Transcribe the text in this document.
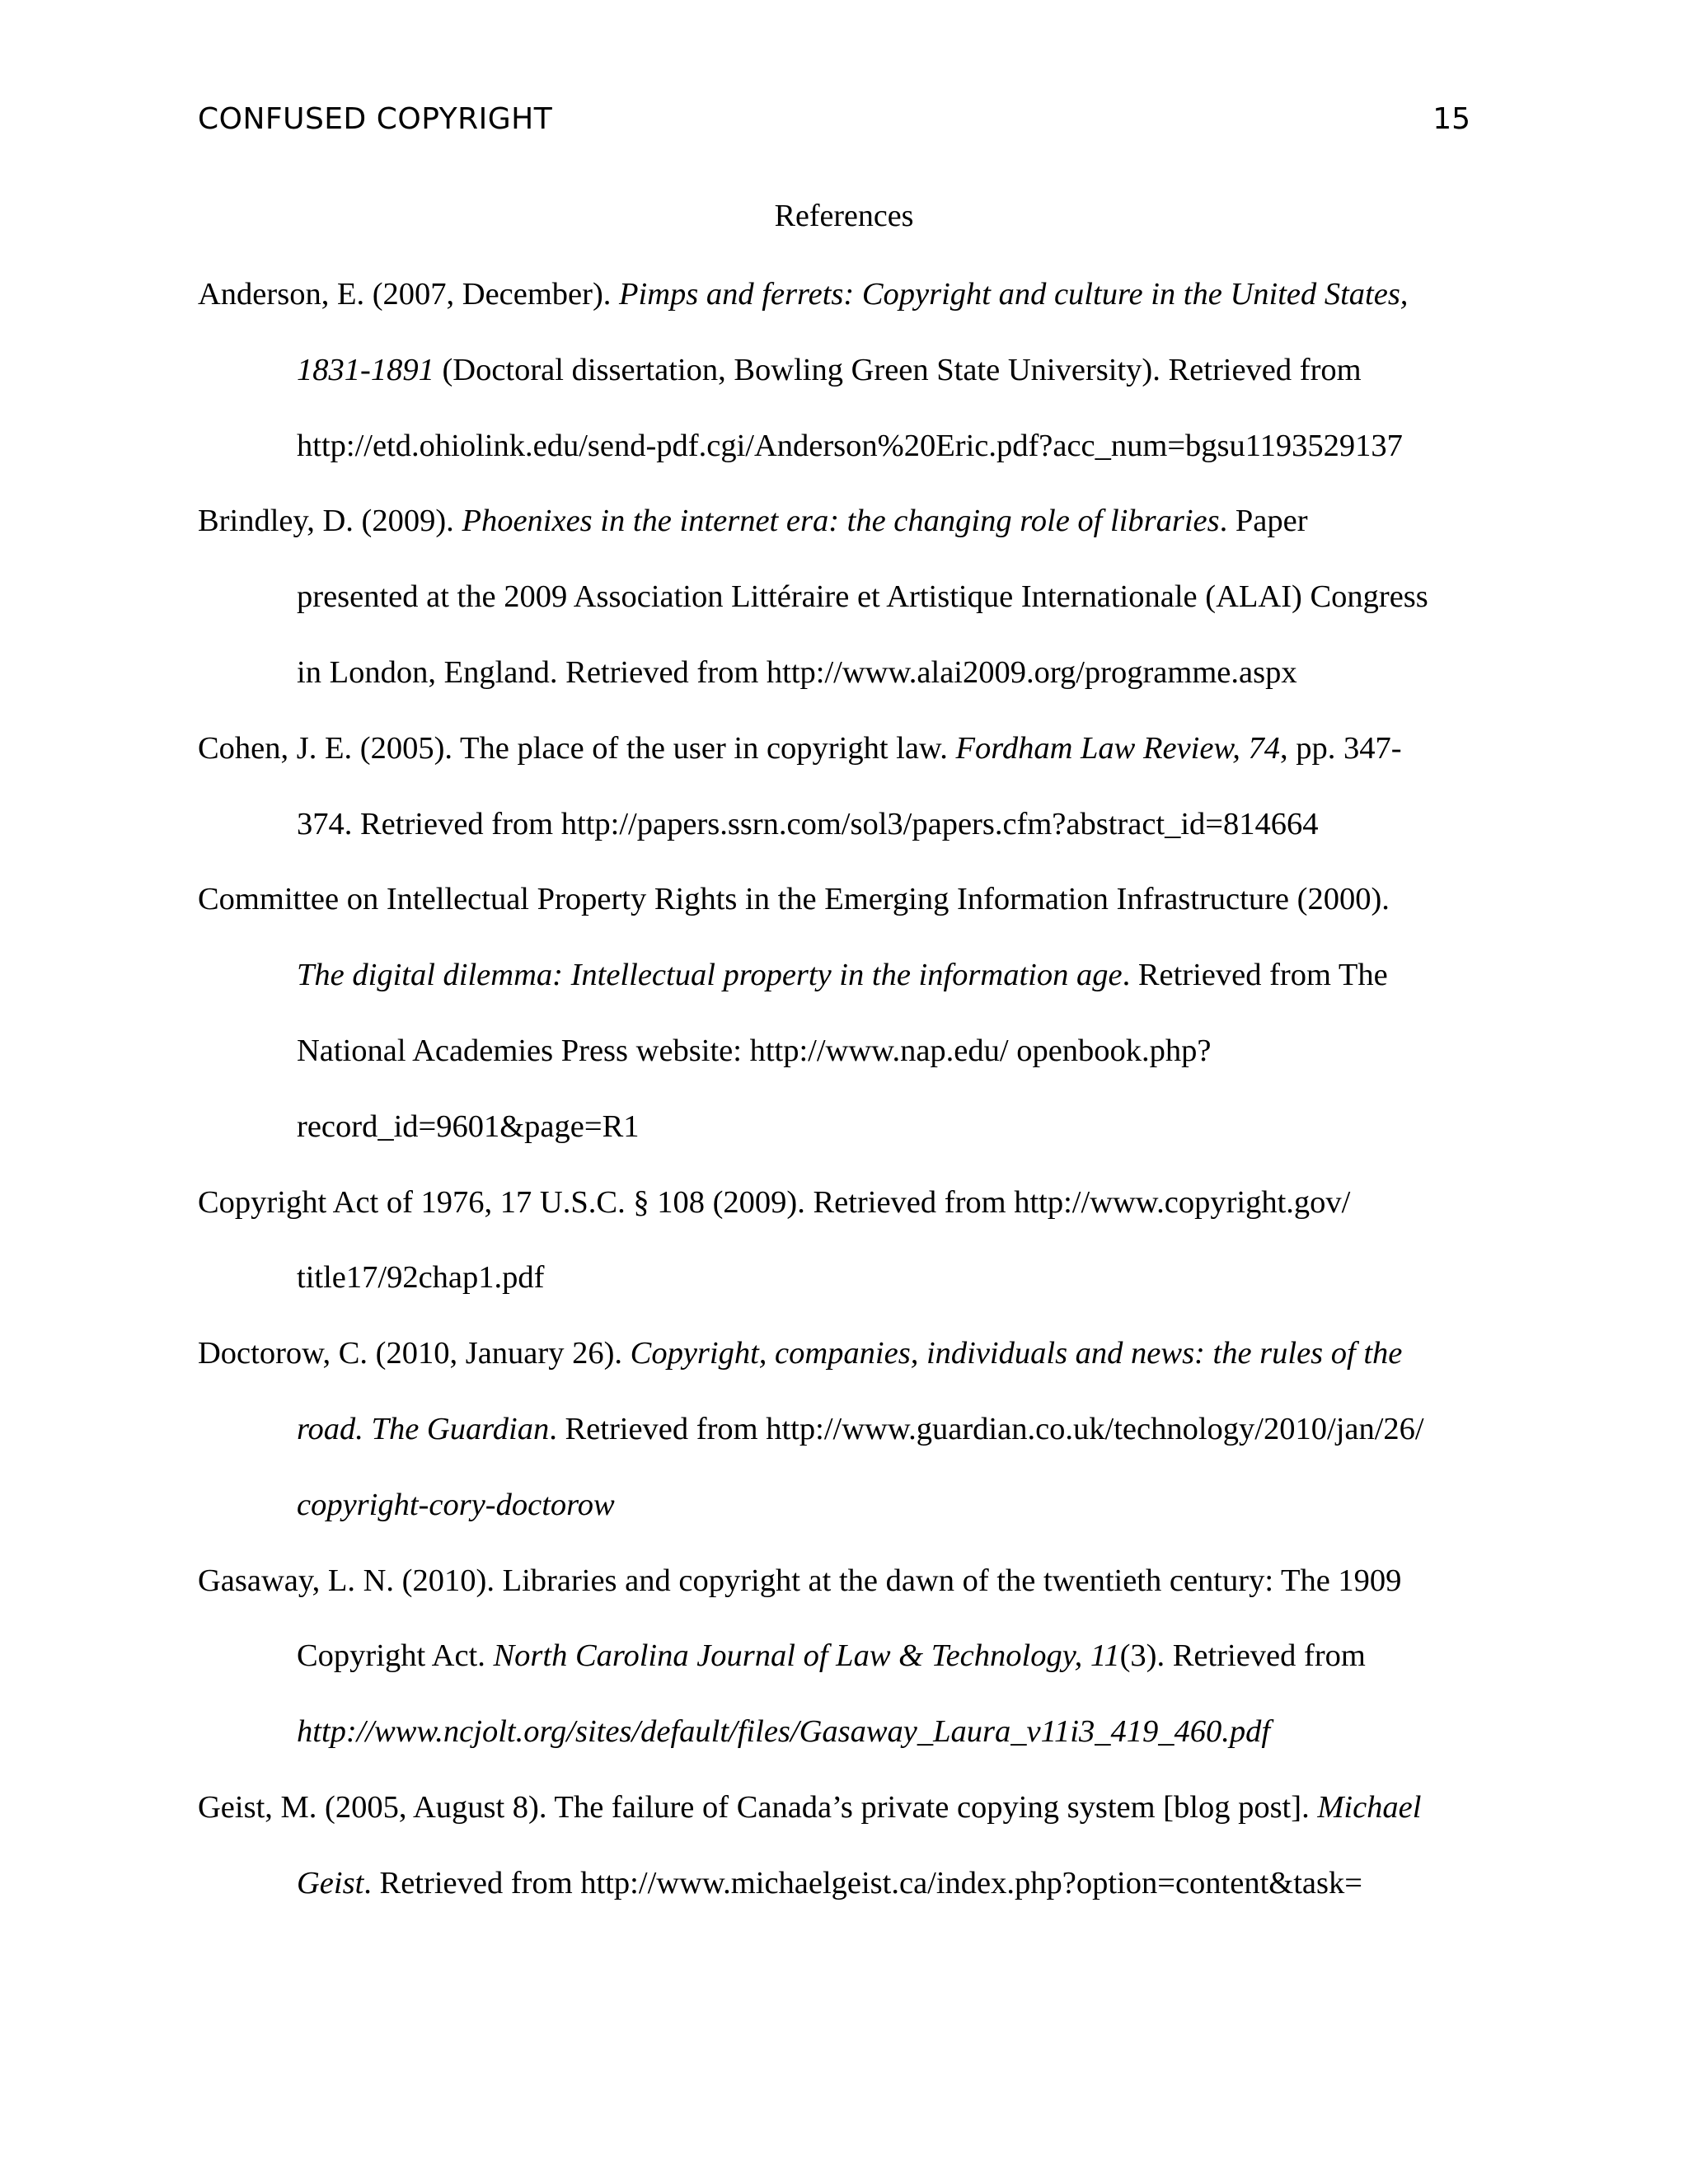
CONFUSED COPYRIGHT	15
References
Anderson, E. (2007, December). Pimps and ferrets: Copyright and culture in the United States,
1831-1891 (Doctoral dissertation, Bowling Green State University). Retrieved from
http://etd.ohiolink.edu/send-pdf.cgi/Anderson%20Eric.pdf?acc_num=bgsu1193529137
Brindley, D. (2009). Phoenixes in the internet era: the changing role of libraries. Paper
presented at the 2009 Association Littéraire et Artistique Internationale (ALAI) Congress
in London, England. Retrieved from http://www.alai2009.org/programme.aspx
Cohen, J. E. (2005). The place of the user in copyright law. Fordham Law Review, 74, pp. 347-
374. Retrieved from http://papers.ssrn.com/sol3/papers.cfm?abstract_id=814664
Committee on Intellectual Property Rights in the Emerging Information Infrastructure (2000).
The digital dilemma: Intellectual property in the information age. Retrieved from The
National Academies Press website: http://www.nap.edu/ openbook.php?
record_id=9601&page=R1
Copyright Act of 1976, 17 U.S.C. § 108 (2009). Retrieved from http://www.copyright.gov/
title17/92chap1.pdf
Doctorow, C. (2010, January 26). Copyright, companies, individuals and news: the rules of the
road. The Guardian. Retrieved from http://www.guardian.co.uk/technology/2010/jan/26/
copyright-cory-doctorow
Gasaway, L. N. (2010). Libraries and copyright at the dawn of the twentieth century: The 1909
Copyright Act. North Carolina Journal of Law & Technology, 11(3). Retrieved from
http://www.ncjolt.org/sites/default/files/Gasaway_Laura_v11i3_419_460.pdf
Geist, M. (2005, August 8). The failure of Canada’s private copying system [blog post]. Michael
Geist. Retrieved from http://www.michaelgeist.ca/index.php?option=content&task=
